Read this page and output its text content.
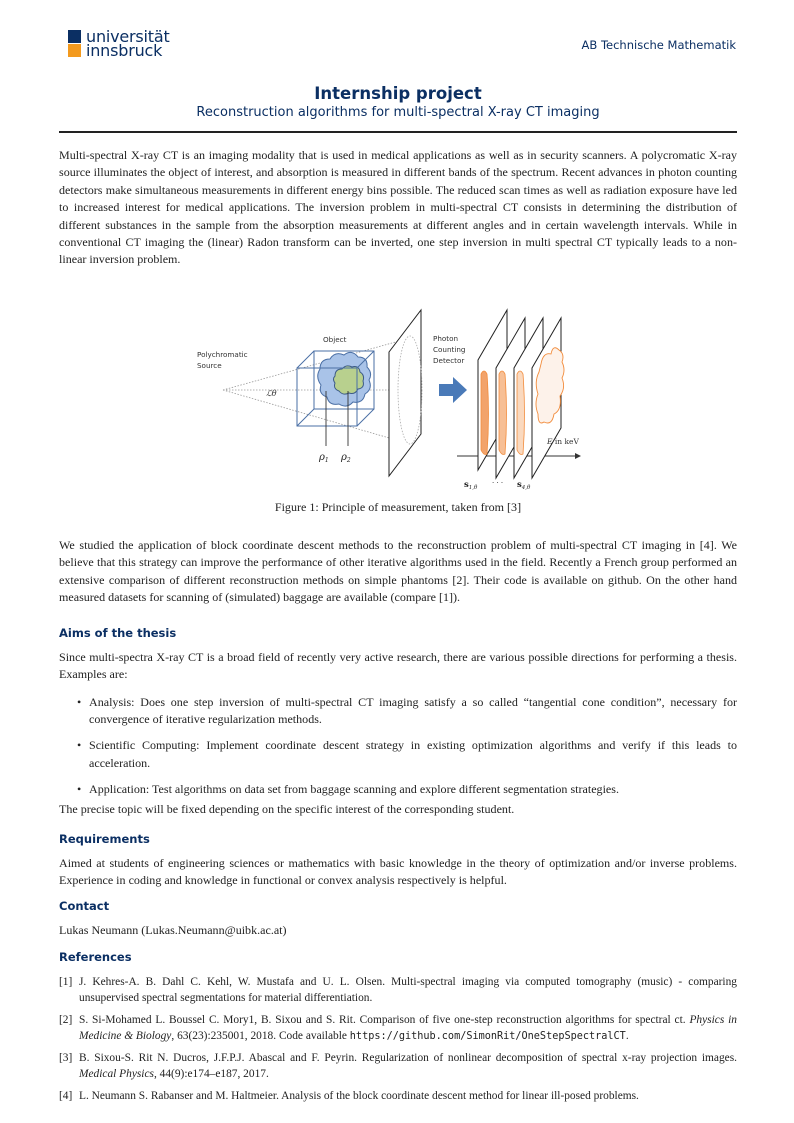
universität
innsbruck	AB Technische Mathematik
Internship project
Reconstruction algorithms for multi-spectral X-ray CT imaging
Multi-spectral X-ray CT is an imaging modality that is used in medical applications as well as in security scanners. A polycromatic X-ray source illuminates the object of interest, and absorption is measured in different bands of the spectrum. Recent advances in photon counting detectors make simultaneous measurements in different energy bins possible. The reduced scan times as well as radiation exposure have led to increased interest for medical applications. The inversion problem in multi-spectral CT consists in determining the distribution of different substances in the sample from the absorption measurements at different angles and in certain wavelength intervals. While in conventional CT imaging the (linear) Radon transform can be inverted, one step inversion in multi spectral CT typically leads to a non-linear inversion problem.
Polychromatic
Source
Object	Photon
Counting
Detector
ℒθ
$\rho_1$ $\rho_2$
E in keV
$s_{1,\theta}$
· · · $s_{4,\theta}$
Figure 1: Principle of measurement, taken from [3]
We studied the application of block coordinate descent methods to the reconstruction problem of multi-spectral CT imaging in [4]. We believe that this strategy can improve the performance of other iterative algorithms used in the field. Recently a French group performed an extensive comparison of different reconstruction methods on simple phantoms [2]. Their code is available on github. On the other hand measured datasets for scanning of (simulated) baggage are available (compare [1]).
Aims of the thesis
Since multi-spectra X-ray CT is a broad field of recently very active research, there are various possible directions for performing a thesis. Examples are:
• Analysis: Does one step inversion of multi-spectral CT imaging satisfy a so called “tangential cone condition”, necessary for convergence of iterative regularization methods.
• Scientific Computing: Implement coordinate descent strategy in existing optimization algorithms and verify if this leads to acceleration.
• Application: Test algorithms on data set from baggage scanning and explore different segmentation strategies.
The precise topic will be fixed depending on the specific interest of the corresponding student.
Requirements
Aimed at students of engineering sciences or mathematics with basic knowledge in the theory of optimization and/or inverse problems. Experience in coding and knowledge in functional or convex analysis respectively is helpful.
Contact
Lukas Neumann (Lukas.Neumann@uibk.ac.at)
References
[1] J. Kehres-A. B. Dahl C. Kehl, W. Mustafa and U. L. Olsen. Multi-spectral imaging via computed tomography (music) - comparing unsupervised spectral segmentations for material differentiation.
[2] S. Si-Mohamed L. Boussel C. Mory1, B. Sixou and S. Rit. Comparison of five one-step reconstruction algorithms for spectral ct. Physics in Medicine & Biology, 63(23):235001, 2018. Code available https://github.com/SimonRit/OneStepSpectralCT.
[3] B. Sixou-S. Rit N. Ducros, J.F.P.J. Abascal and F. Peyrin. Regularization of nonlinear decomposition of spectral x-ray projection images. Medical Physics, 44(9):e174–e187, 2017.
[4] L. Neumann S. Rabanser and M. Haltmeier. Analysis of the block coordinate descent method for linear ill-posed problems.
